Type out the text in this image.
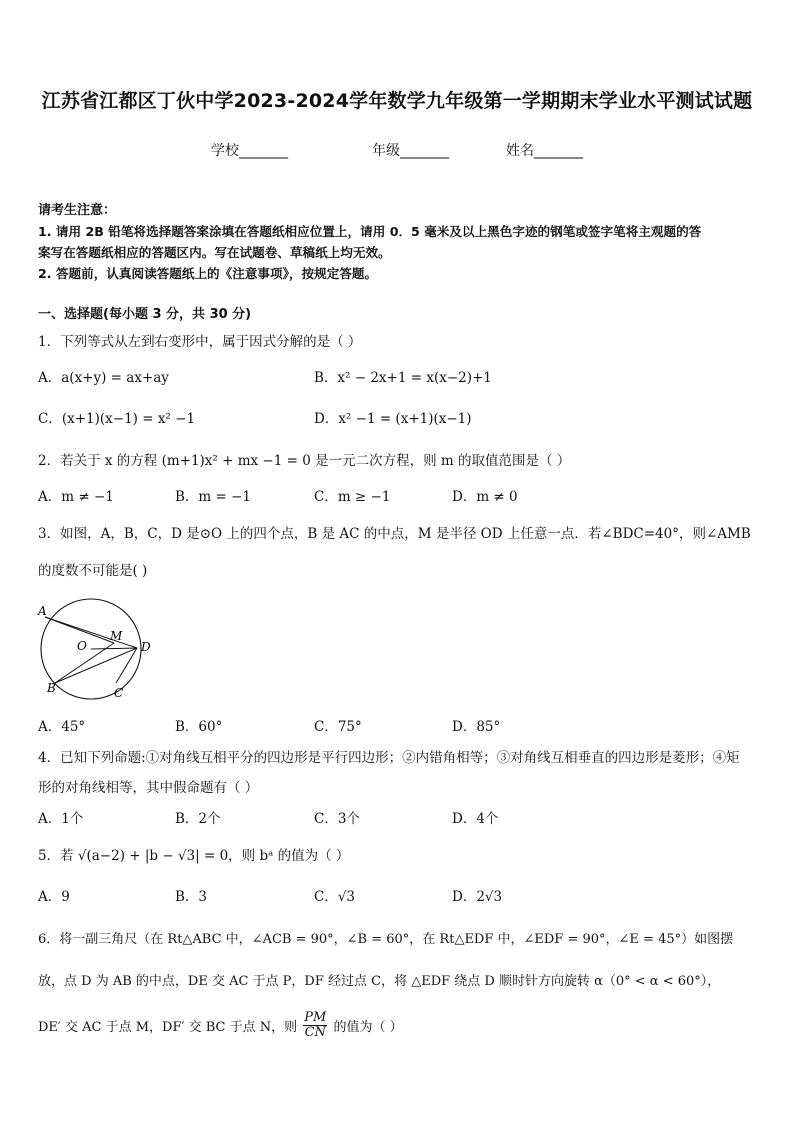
江苏省江都区丁伙中学2023-2024学年数学九年级第一学期期末学业水平测试试题
学校_______	年级_______	姓名_______
请考生注意：
1. 请用 2B 铅笔将选择题答案涂填在答题纸相应位置上，请用 0．5 毫米及以上黑色字迹的钢笔或签字笔将主观题的答
案写在答题纸相应的答题区内。写在试题卷、草稿纸上均无效。
2. 答题前，认真阅读答题纸上的《注意事项》，按规定答题。
一、选择题(每小题 3 分，共 30 分)
1．下列等式从左到右变形中，属于因式分解的是（ ）
A．a(x+y) = ax+ay	B．x² − 2x+1 = x(x−2)+1
C．(x+1)(x−1) = x² −1	D．x² −1 = (x+1)(x−1)
2．若关于 x 的方程 (m+1)x² + mx −1 = 0 是一元二次方程，则 m 的取值范围是（ ）
A．m ≠ −1	B．m = −1	C．m ≥ −1	D．m ≠ 0
3．如图，A，B，C，D 是⊙O 上的四个点，B 是 AC 的中点，M 是半径 OD 上任意一点．若∠BDC=40°，则∠AMB
的度数不可能是( )
A
O
M
D
B	C
A．45°	B．60°	C．75°	D．85°
4．已知下列命题:①对角线互相平分的四边形是平行四边形；②内错角相等；③对角线互相垂直的四边形是菱形；④矩
形的对角线相等，其中假命题有（ ）
A．1个	B．2个	C．3个	D．4个
5．若 √(a−2) + |b − √3| = 0，则 bᵃ 的值为（ ）
A．9	B．3	C．√3	D．2√3
6．将一副三角尺（在 Rt△ABC 中，∠ACB = 90°，∠B = 60°，在 Rt△EDF 中，∠EDF = 90°，∠E = 45°）如图摆
放，点 D 为 AB 的中点，DE 交 AC 于点 P，DF 经过点 C，将 △EDF 绕点 D 顺时针方向旋转 α（0° < α < 60°），
DE′ 交 AC 于点 M，DF′ 交 BC 于点 N，则 $\frac{PM}{CN}$ 的值为（ ）
